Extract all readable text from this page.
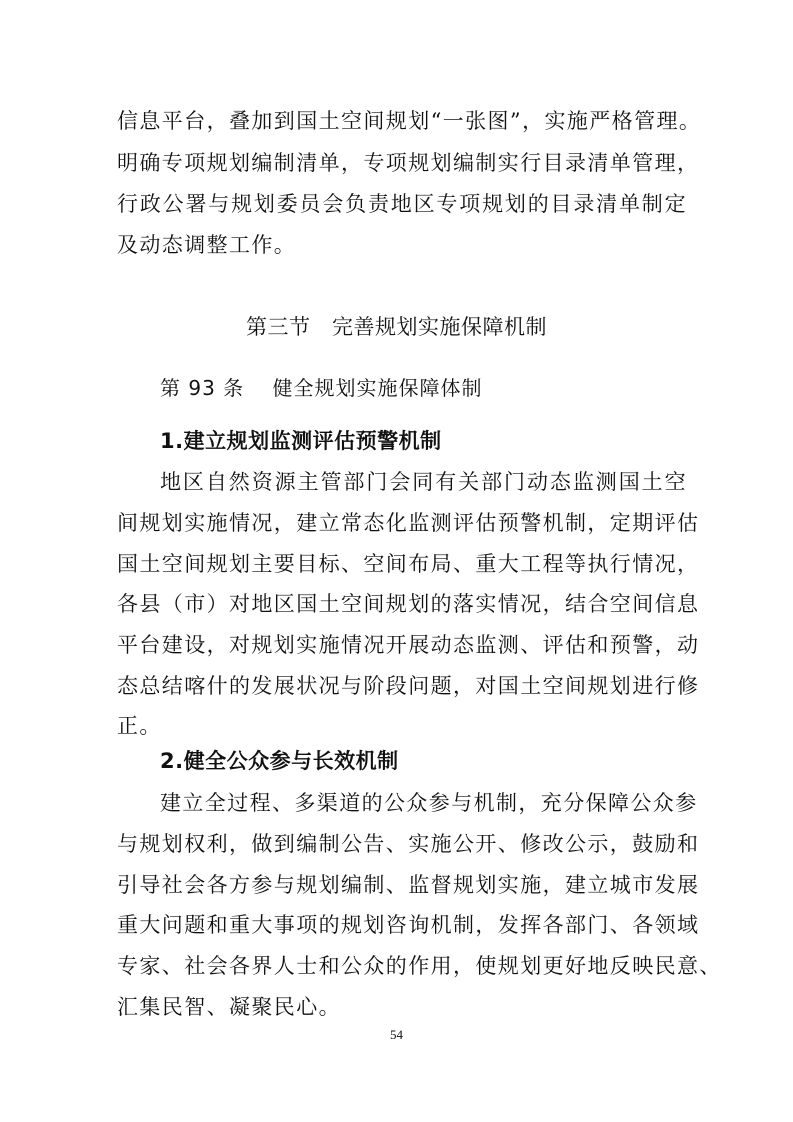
信息平台，叠加到国土空间规划“一张图”，实施严格管理。
明确专项规划编制清单，专项规划编制实行目录清单管理，
行政公署与规划委员会负责地区专项规划的目录清单制定
及动态调整工作。
第三节　完善规划实施保障机制
第 93 条　 健全规划实施保障体制
1.建立规划监测评估预警机制
地区自然资源主管部门会同有关部门动态监测国土空
间规划实施情况，建立常态化监测评估预警机制，定期评估
国土空间规划主要目标、空间布局、重大工程等执行情况，
各县（市）对地区国土空间规划的落实情况，结合空间信息
平台建设，对规划实施情况开展动态监测、评估和预警，动
态总结喀什的发展状况与阶段问题，对国土空间规划进行修
正。
2.健全公众参与长效机制
建立全过程、多渠道的公众参与机制，充分保障公众参
与规划权利，做到编制公告、实施公开、修改公示，鼓励和
引导社会各方参与规划编制、监督规划实施，建立城市发展
重大问题和重大事项的规划咨询机制，发挥各部门、各领域
专家、社会各界人士和公众的作用，使规划更好地反映民意、
汇集民智、凝聚民心。
54
